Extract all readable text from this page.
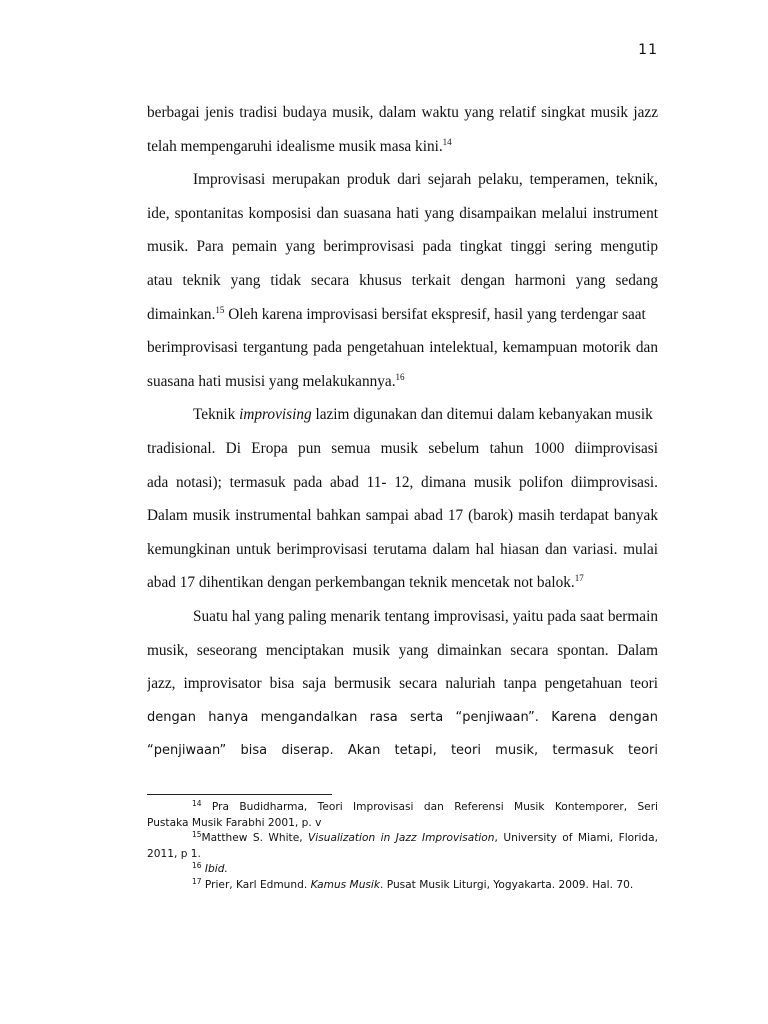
11
berbagai jenis tradisi budaya musik, dalam waktu yang relatif singkat musik jazz
telah mempengaruhi idealisme musik masa kini.$^{14}$
Improvisasi merupakan produk dari sejarah pelaku, temperamen, teknik,
ide, spontanitas komposisi dan suasana hati yang disampaikan melalui instrument
musik. Para pemain yang berimprovisasi pada tingkat tinggi sering mengutip
atau teknik yang tidak secara khusus terkait dengan harmoni yang sedang
dimainkan.$^{15}$ Oleh karena improvisasi bersifat ekspresif, hasil yang terdengar saat
berimprovisasi tergantung pada pengetahuan intelektual, kemampuan motorik dan
suasana hati musisi yang melakukannya.$^{16}$
Teknik improvising lazim digunakan dan ditemui dalam kebanyakan musik
tradisional. Di Eropa pun semua musik sebelum tahun 1000 diimprovisasi
ada notasi); termasuk pada abad 11- 12, dimana musik polifon diimprovisasi.
Dalam musik instrumental bahkan sampai abad 17 (barok) masih terdapat banyak
kemungkinan untuk berimprovisasi terutama dalam hal hiasan dan variasi. mulai
abad 17 dihentikan dengan perkembangan teknik mencetak not balok.$^{17}$
Suatu hal yang paling menarik tentang improvisasi, yaitu pada saat bermain
musik, seseorang menciptakan musik yang dimainkan secara spontan. Dalam
jazz, improvisator bisa saja bermusik secara naluriah tanpa pengetahuan teori
dengan hanya mengandalkan rasa serta “penjiwaan”. Karena dengan
“penjiwaan” bisa diserap. Akan tetapi, teori musik, termasuk teori
$^{14}$ Pra Budidharma, Teori Improvisasi dan Referensi Musik Kontemporer, Seri
Pustaka Musik Farabhi 2001, p. v
$^{15}$Matthew S. White, Visualization in Jazz Improvisation, University of Miami, Florida,
2011, p 1.
$^{16}$ Ibid.
$^{17}$ Prier, Karl Edmund. Kamus Musik. Pusat Musik Liturgi, Yogyakarta. 2009. Hal. 70.
